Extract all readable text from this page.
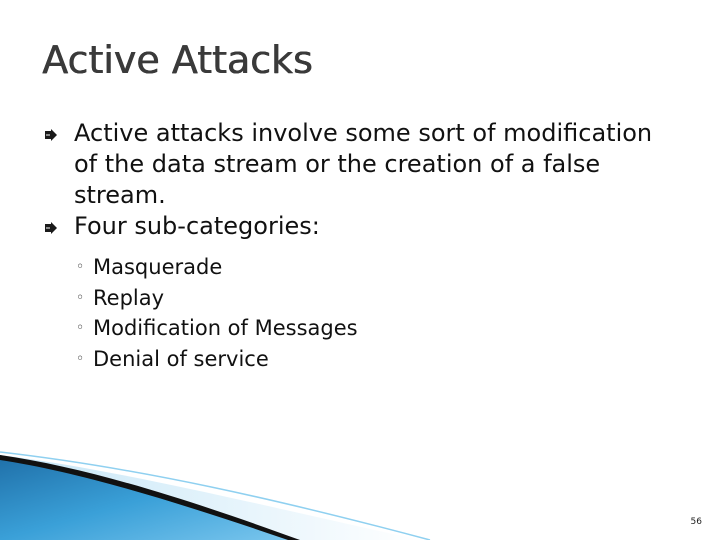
Active Attacks
Active attacks involve some sort of modification of the data stream or the creation of a false stream.
Four sub-categories:
◦ Masquerade
◦ Replay
◦ Modification of Messages
◦ Denial of service
56
